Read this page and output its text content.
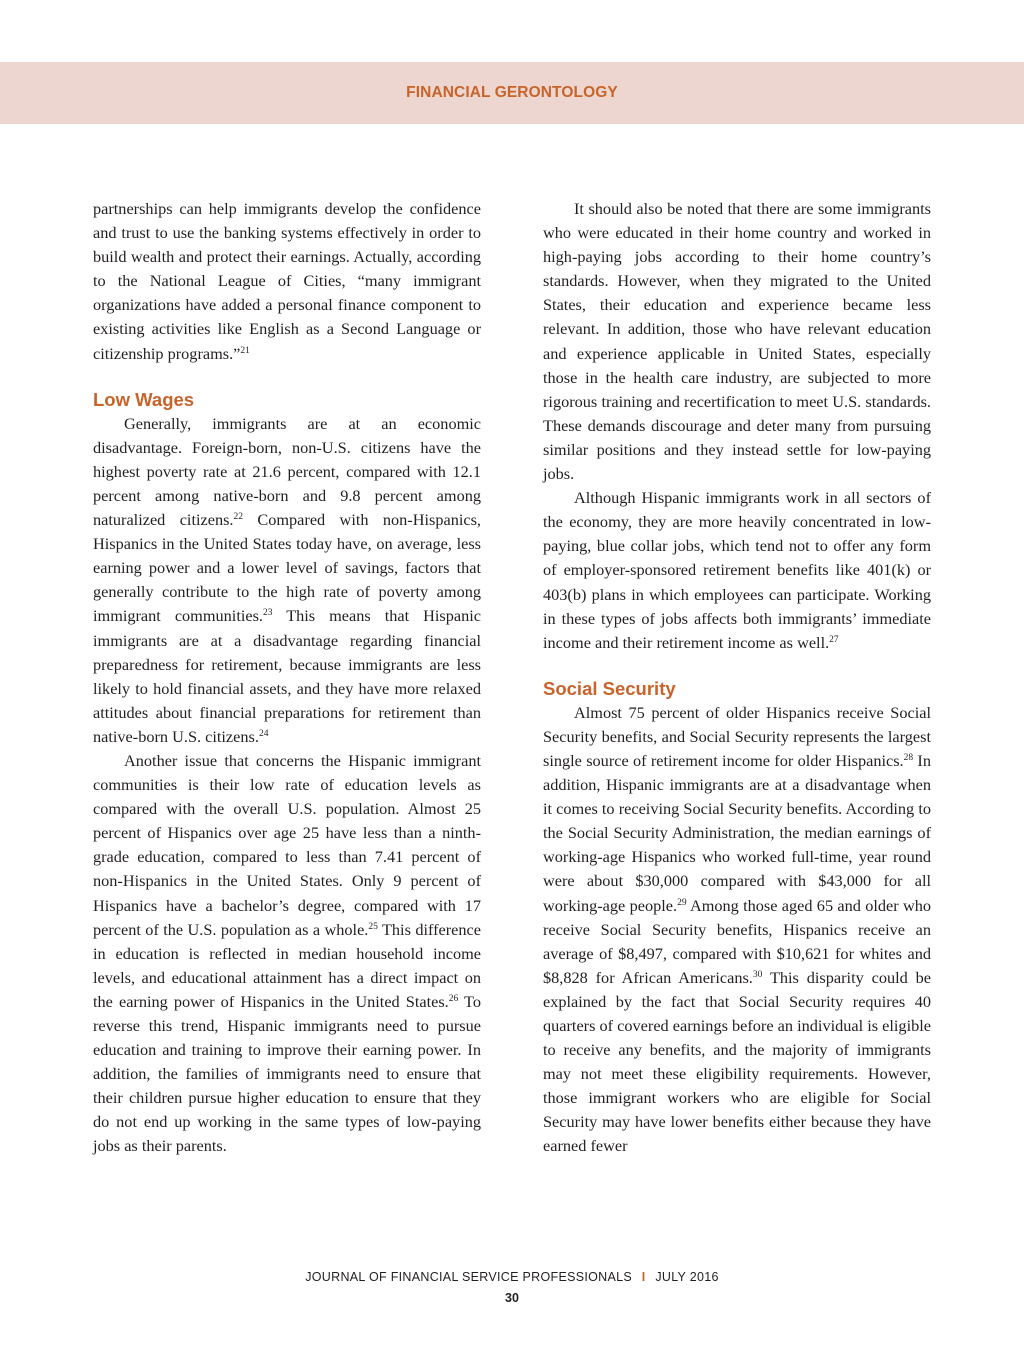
FINANCIAL GERONTOLOGY

partnerships can help immigrants develop the confidence and trust to use the banking systems effectively in order to build wealth and protect their earnings. Actually, according to the National League of Cities, “many immigrant organizations have added a personal finance component to existing activities like English as a Second Language or citizenship programs.”$^{21}$

Low Wages

Generally, immigrants are at an economic disadvantage. Foreign-born, non-U.S. citizens have the highest poverty rate at 21.6 percent, compared with 12.1 percent among native-born and 9.8 percent among naturalized citizens.$^{22}$ Compared with non-Hispanics, Hispanics in the United States today have, on average, less earning power and a lower level of savings, factors that generally contribute to the high rate of poverty among immigrant communities.$^{23}$ This means that Hispanic immigrants are at a disadvantage regarding financial preparedness for retirement, because immigrants are less likely to hold financial assets, and they have more relaxed attitudes about financial preparations for retirement than native-born U.S. citizens.$^{24}$

Another issue that concerns the Hispanic immigrant communities is their low rate of education levels as compared with the overall U.S. population. Almost 25 percent of Hispanics over age 25 have less than a ninth-grade education, compared to less than 7.41 percent of non-Hispanics in the United States. Only 9 percent of Hispanics have a bachelor’s degree, compared with 17 percent of the U.S. population as a whole.$^{25}$ This difference in education is reflected in median household income levels, and educational attainment has a direct impact on the earning power of Hispanics in the United States.$^{26}$ To reverse this trend, Hispanic immigrants need to pursue education and training to improve their earning power. In addition, the families of immigrants need to ensure that their children pursue higher education to ensure that they do not end up working in the same types of low-paying jobs as their parents.

It should also be noted that there are some immigrants who were educated in their home country and worked in high-paying jobs according to their home country’s standards. However, when they migrated to the United States, their education and experience became less relevant. In addition, those who have relevant education and experience applicable in United States, especially those in the health care industry, are subjected to more rigorous training and recertification to meet U.S. standards. These demands discourage and deter many from pursuing similar positions and they instead settle for low-paying jobs.

Although Hispanic immigrants work in all sectors of the economy, they are more heavily concentrated in low-paying, blue collar jobs, which tend not to offer any form of employer-sponsored retirement benefits like 401(k) or 403(b) plans in which employees can participate. Working in these types of jobs affects both immigrants’ immediate income and their retirement income as well.$^{27}$

Social Security

Almost 75 percent of older Hispanics receive Social Security benefits, and Social Security represents the largest single source of retirement income for older Hispanics.$^{28}$ In addition, Hispanic immigrants are at a disadvantage when it comes to receiving Social Security benefits. According to the Social Security Administration, the median earnings of working-age Hispanics who worked full-time, year round were about $30,000 compared with $43,000 for all working-age people.$^{29}$ Among those aged 65 and older who receive Social Security benefits, Hispanics receive an average of $8,497, compared with $10,621 for whites and $8,828 for African Americans.$^{30}$ This disparity could be explained by the fact that Social Security requires 40 quarters of covered earnings before an individual is eligible to receive any benefits, and the majority of immigrants may not meet these eligibility requirements. However, those immigrant workers who are eligible for Social Security may have lower benefits either because they have earned fewer

JOURNAL OF FINANCIAL SERVICE PROFESSIONALS I JULY 2016
30
